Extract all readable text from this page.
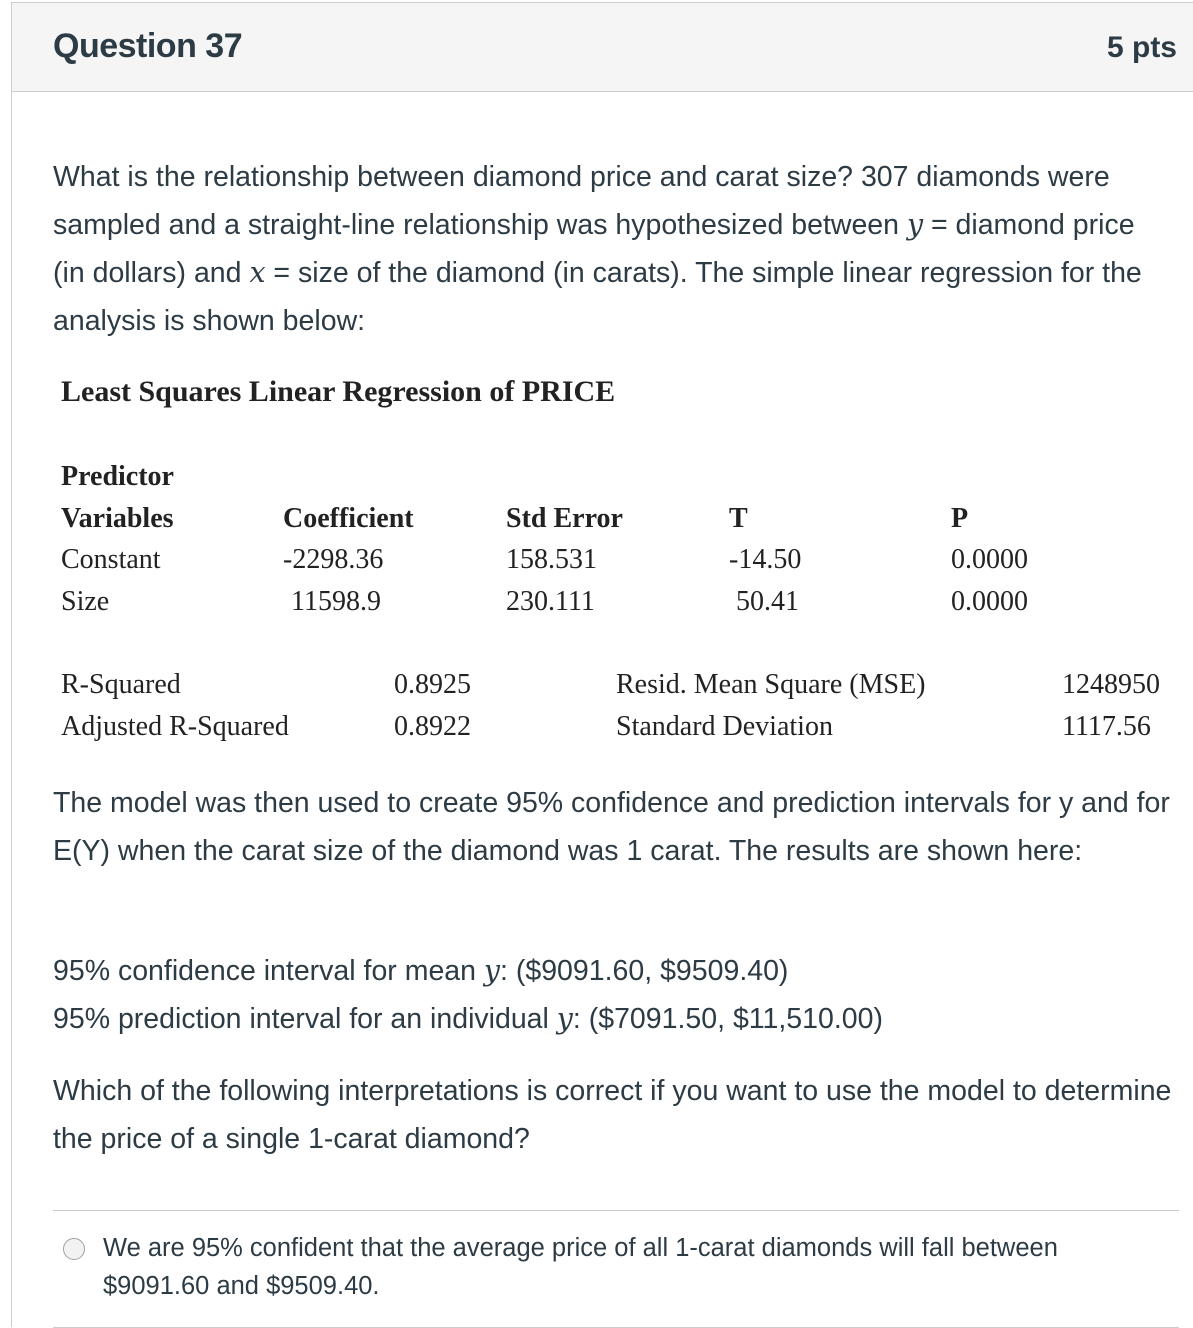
Question 37	5 pts

What is the relationship between diamond price and carat size? 307 diamonds were sampled and a straight-line relationship was hypothesized between y = diamond price (in dollars) and x = size of the diamond (in carats). The simple linear regression for the analysis is shown below:

Least Squares Linear Regression of PRICE

Predictor

Variables	Coefficient	Std Error	T	P

Constant	-2298.36	158.531	-14.50	0.0000

Size	11598.9	230.111	50.41	0.0000

R-Squared	0.8925	Resid. Mean Square (MSE)	1248950

Adjusted R-Squared	0.8922	Standard Deviation	1117.56

The model was then used to create 95% confidence and prediction intervals for y and for E(Y) when the carat size of the diamond was 1 carat. The results are shown here:

95% confidence interval for mean y: ($9091.60, $9509.40)

95% prediction interval for an individual y: ($7091.50, $11,510.00)

Which of the following interpretations is correct if you want to use the model to determine the price of a single 1-carat diamond?

We are 95% confident that the average price of all 1-carat diamonds will fall between $9091.60 and $9509.40.
